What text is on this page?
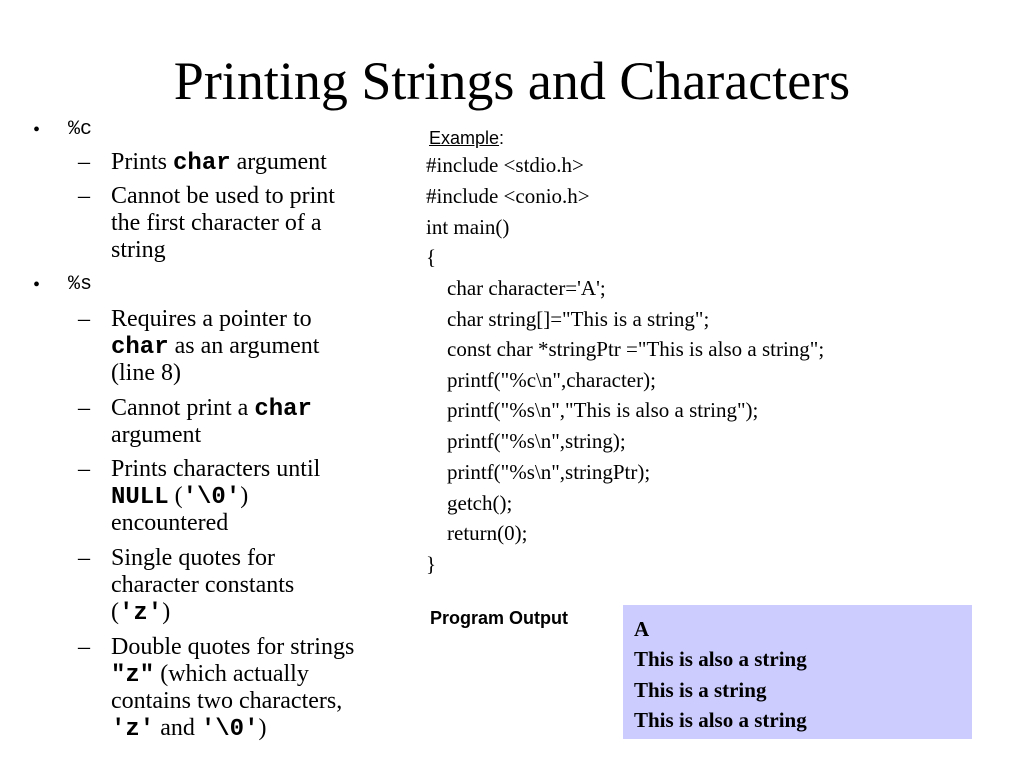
Printing Strings and Characters
• %c
– Prints char argument
– Cannot be used to print
the first character of a
string
• %s
– Requires a pointer to
char as an argument
(line 8)
– Cannot print a char
argument
– Prints characters until
NULL ('\0')
encountered
– Single quotes for
character constants
('z')
– Double quotes for strings
"z" (which actually
contains two characters,
'z' and '\0')
Example:
#include <stdio.h>
#include <conio.h>
int main()
{
char character='A';
char string[]="This is a string";
const char *stringPtr ="This is also a string";
printf("%c\n",character);
printf("%s\n","This is also a string");
printf("%s\n",string);
printf("%s\n",stringPtr);
getch();
return(0);
}
Program Output	A
This is also a string
This is a string
This is also a string
